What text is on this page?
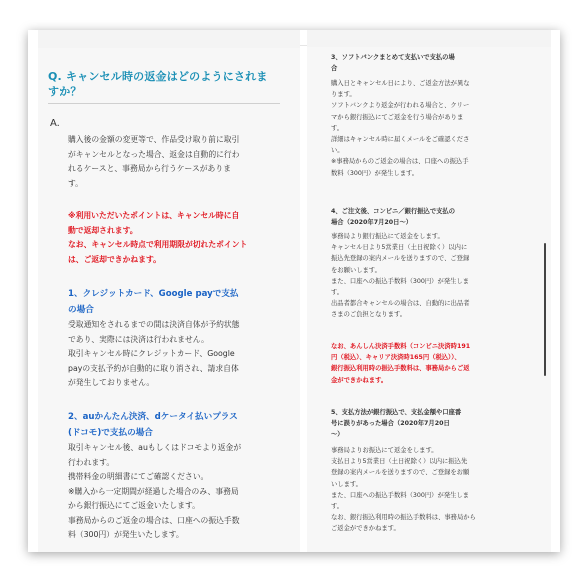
Q. キャンセル時の返金はどのようにされますか？
A.
購入後の金額の変更等で、作品受け取り前に取引
がキャンセルとなった場合、返金は自動的に行わ
れるケースと、事務局から行うケースがありま
す。
※利用いただいたポイントは、キャンセル時に自
動で返却されます。
なお、キャンセル時点で利用期限が切れたポイント
は、ご返却できかねます。
1、クレジットカード、Google payで支払
の場合
受取通知をされるまでの間は決済自体が予約状態
であり、実際には決済は行われません。
取引キャンセル時にクレジットカード、Google
payの支払予約が自動的に取り消され、請求自体
が発生しておりません。
2、auかんたん決済、dケータイ払いプラス
(ドコモ)で支払の場合
取引キャンセル後、auもしくはドコモより返金が
行われます。
携帯料金の明細書にてご確認ください。
※購入から一定期間が経過した場合のみ、事務局
から銀行振込にてご返金いたします。
事務局からのご返金の場合は、口座への振込手数
料（300円）が発生いたします。
3、ソフトバンクまとめて支払いで支払の場
合
購入日とキャンセル日により、ご返金方法が異な
ります。
ソフトバンクより返金が行われる場合と、クリー
マから銀行振込にてご返金を行う場合がありま
す。
詳細はキャンセル時に届くメールをご確認くださ
い。
※事務局からのご返金の場合は、口座への振込手
数料（300円）が発生します。
4、ご注文後、コンビニ／銀行振込で支払の
場合（2020年7月20日～）
事務局より銀行振込にて返金をします。
キャンセル日より5営業日（土日祝除く）以内に
振込先登録の案内メールを送りますので、ご登録
をお願いします。
また、口座への振込手数料（300円）が発生しま
す。
出品者都合キャンセルの場合は、自動的に出品者
さまのご負担となります。
なお、あんしん決済手数料（コンビニ決済時191
円（税込）、キャリア決済時165円（税込））、
銀行振込利用時の振込手数料は、事務局からご返
金ができかねます。
5、支払方法が銀行振込で、支払金額や口座番
号に誤りがあった場合（2020年7月20日
～）
事務局よりお振込にて返金をします。
支払日より5営業日（土日祝除く）以内に振込先
登録の案内メールを送りますので、ご登録をお願
いします。
また、口座への振込手数料（300円）が発生しま
す。
なお、銀行振込利用時の振込手数料は、事務局から
ご返金ができかねます。
